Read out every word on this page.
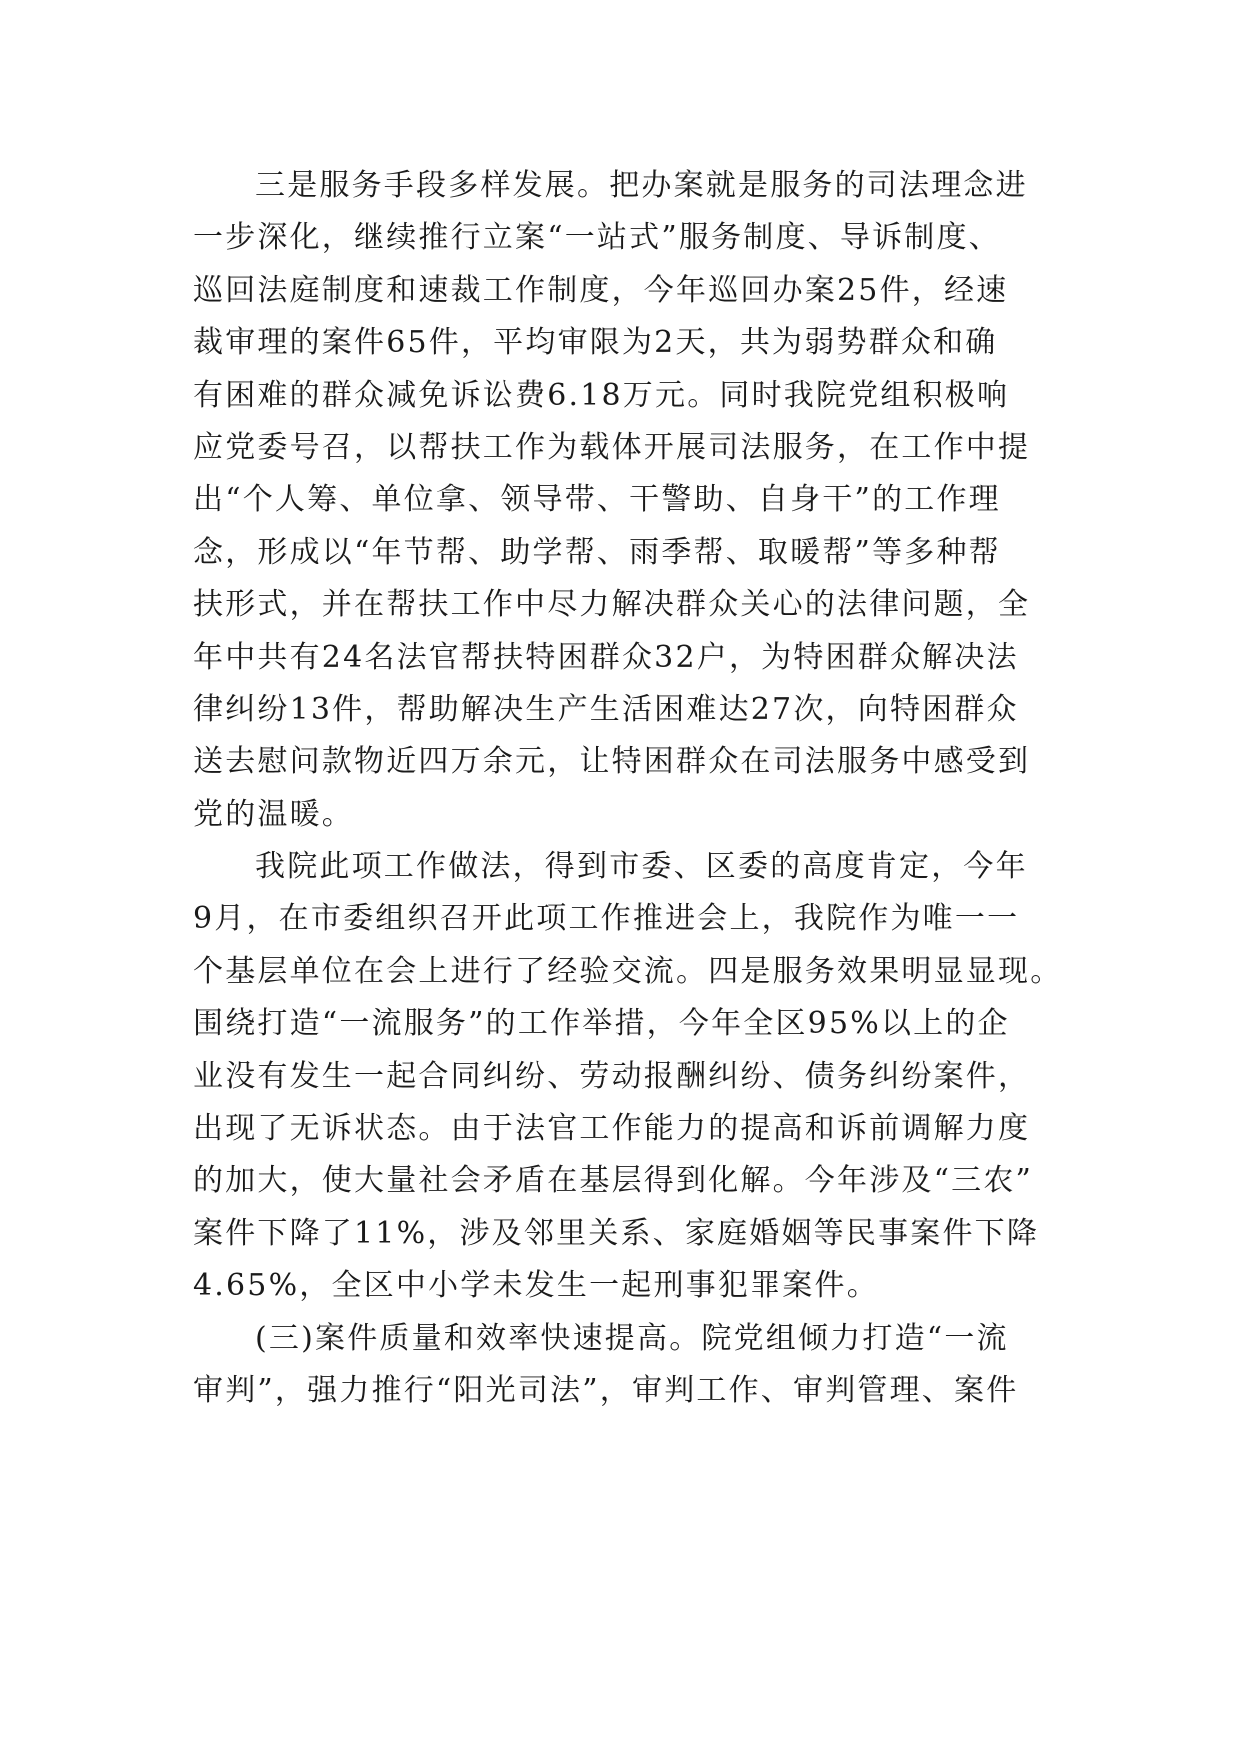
三是服务手段多样发展。把办案就是服务的司法理念进
一步深化，继续推行立案“一站式”服务制度、导诉制度、
巡回法庭制度和速裁工作制度，今年巡回办案25件，经速
裁审理的案件65件，平均审限为2天，共为弱势群众和确
有困难的群众减免诉讼费6.18万元。同时我院党组积极响
应党委号召，以帮扶工作为载体开展司法服务，在工作中提
出“个人筹、单位拿、领导带、干警助、自身干”的工作理
念，形成以“年节帮、助学帮、雨季帮、取暖帮”等多种帮
扶形式，并在帮扶工作中尽力解决群众关心的法律问题，全
年中共有24名法官帮扶特困群众32户，为特困群众解决法
律纠纷13件，帮助解决生产生活困难达27次，向特困群众
送去慰问款物近四万余元，让特困群众在司法服务中感受到
党的温暖。
我院此项工作做法，得到市委、区委的高度肯定，今年
9月，在市委组织召开此项工作推进会上，我院作为唯一一
个基层单位在会上进行了经验交流。四是服务效果明显显现。
围绕打造“一流服务”的工作举措，今年全区95%以上的企
业没有发生一起合同纠纷、劳动报酬纠纷、债务纠纷案件，
出现了无诉状态。由于法官工作能力的提高和诉前调解力度
的加大，使大量社会矛盾在基层得到化解。今年涉及“三农”
案件下降了11%，涉及邻里关系、家庭婚姻等民事案件下降
4.65%，全区中小学未发生一起刑事犯罪案件。
(三)案件质量和效率快速提高。院党组倾力打造“一流
审判”，强力推行“阳光司法”，审判工作、审判管理、案件
